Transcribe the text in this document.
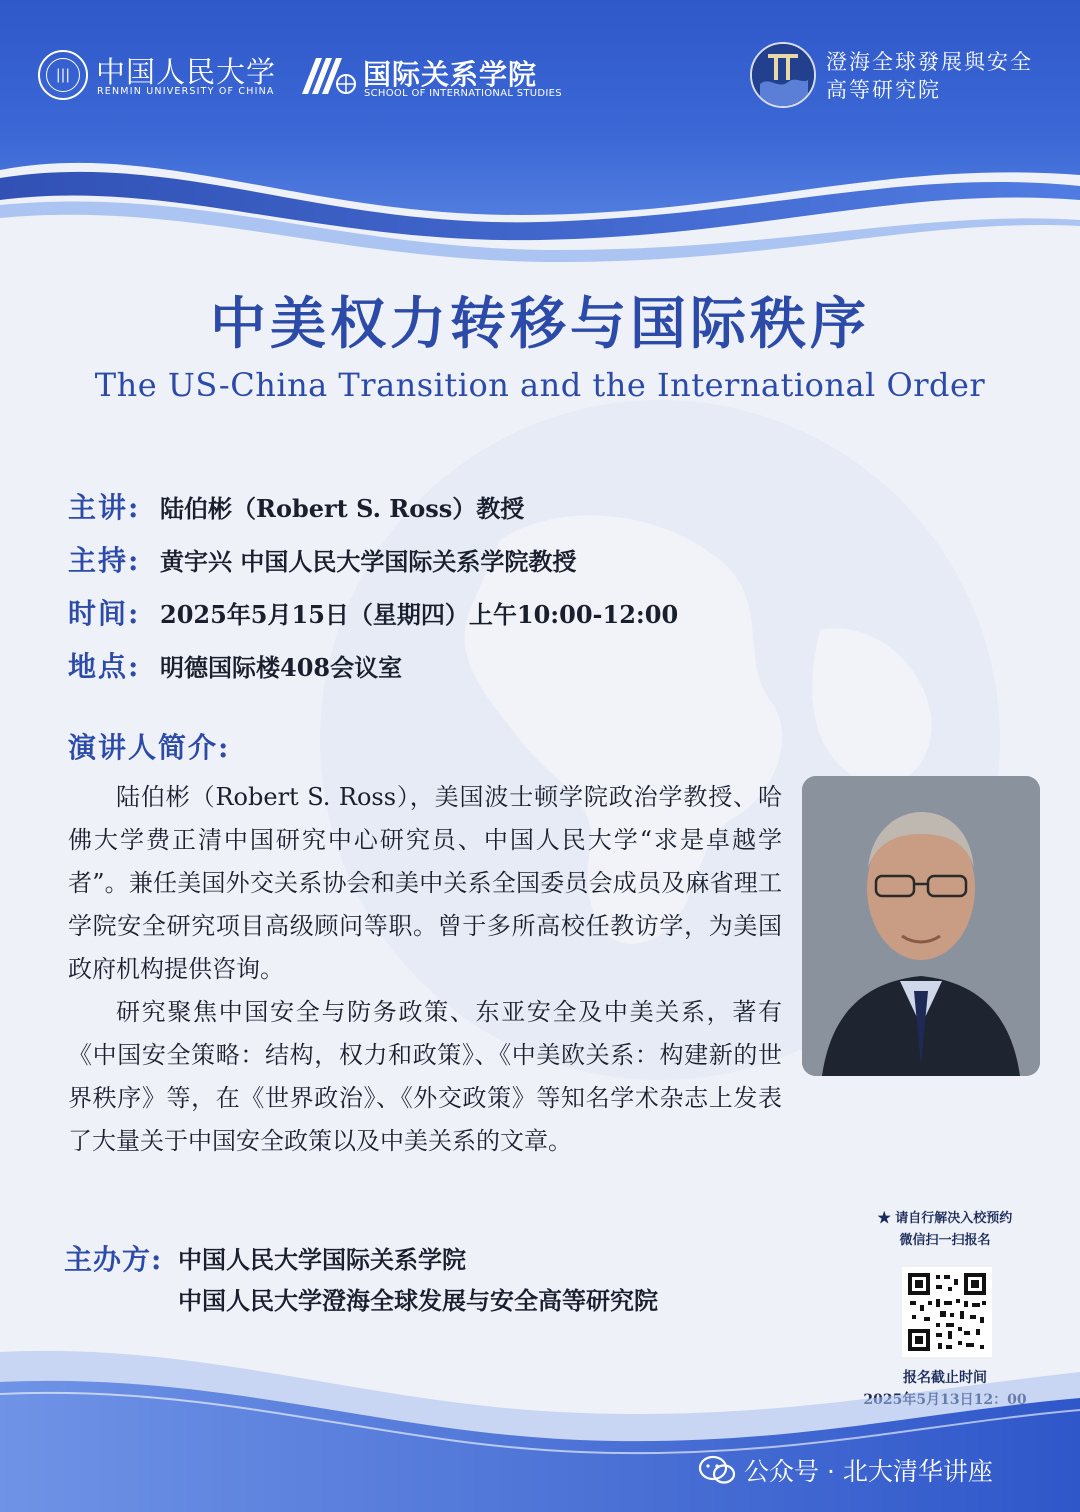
||| 中国人民大学
RENMIN UNIVERSITY OF CHINA
国际关系学院
SCHOOL OF INTERNATIONAL STUDIES
澄海全球發展與安全
高等研究院
中美权力转移与国际秩序
The US-China Transition and the International Order
主讲: 陆伯彬（Robert S. Ross）教授
主持: 黄宇兴 中国人民大学国际关系学院教授
时间: 2025年5月15日（星期四）上午10:00-12:00
地点: 明德国际楼408会议室
演讲人简介:

陆伯彬（Robert S. Ross），美国波士顿学院政治学教授、哈佛大学费正清中国研究中心研究员、中国人民大学“求是卓越学者”。兼任美国外交关系协会和美中关系全国委员会成员及麻省理工学院安全研究项目高级顾问等职。曾于多所高校任教访学，为美国政府机构提供咨询。

研究聚焦中国安全与防务政策、东亚安全及中美关系，著有《中国安全策略：结构，权力和政策》、《中美欧关系：构建新的世界秩序》等，在《世界政治》、《外交政策》等知名学术杂志上发表了大量关于中国安全政策以及中美关系的文章。

主办方: 中国人民大学国际关系学院
中国人民大学澄海全球发展与安全高等研究院
★ 请自行解决入校预约
微信扫一扫报名
报名截止时间
公众号 · 北大清华讲座
